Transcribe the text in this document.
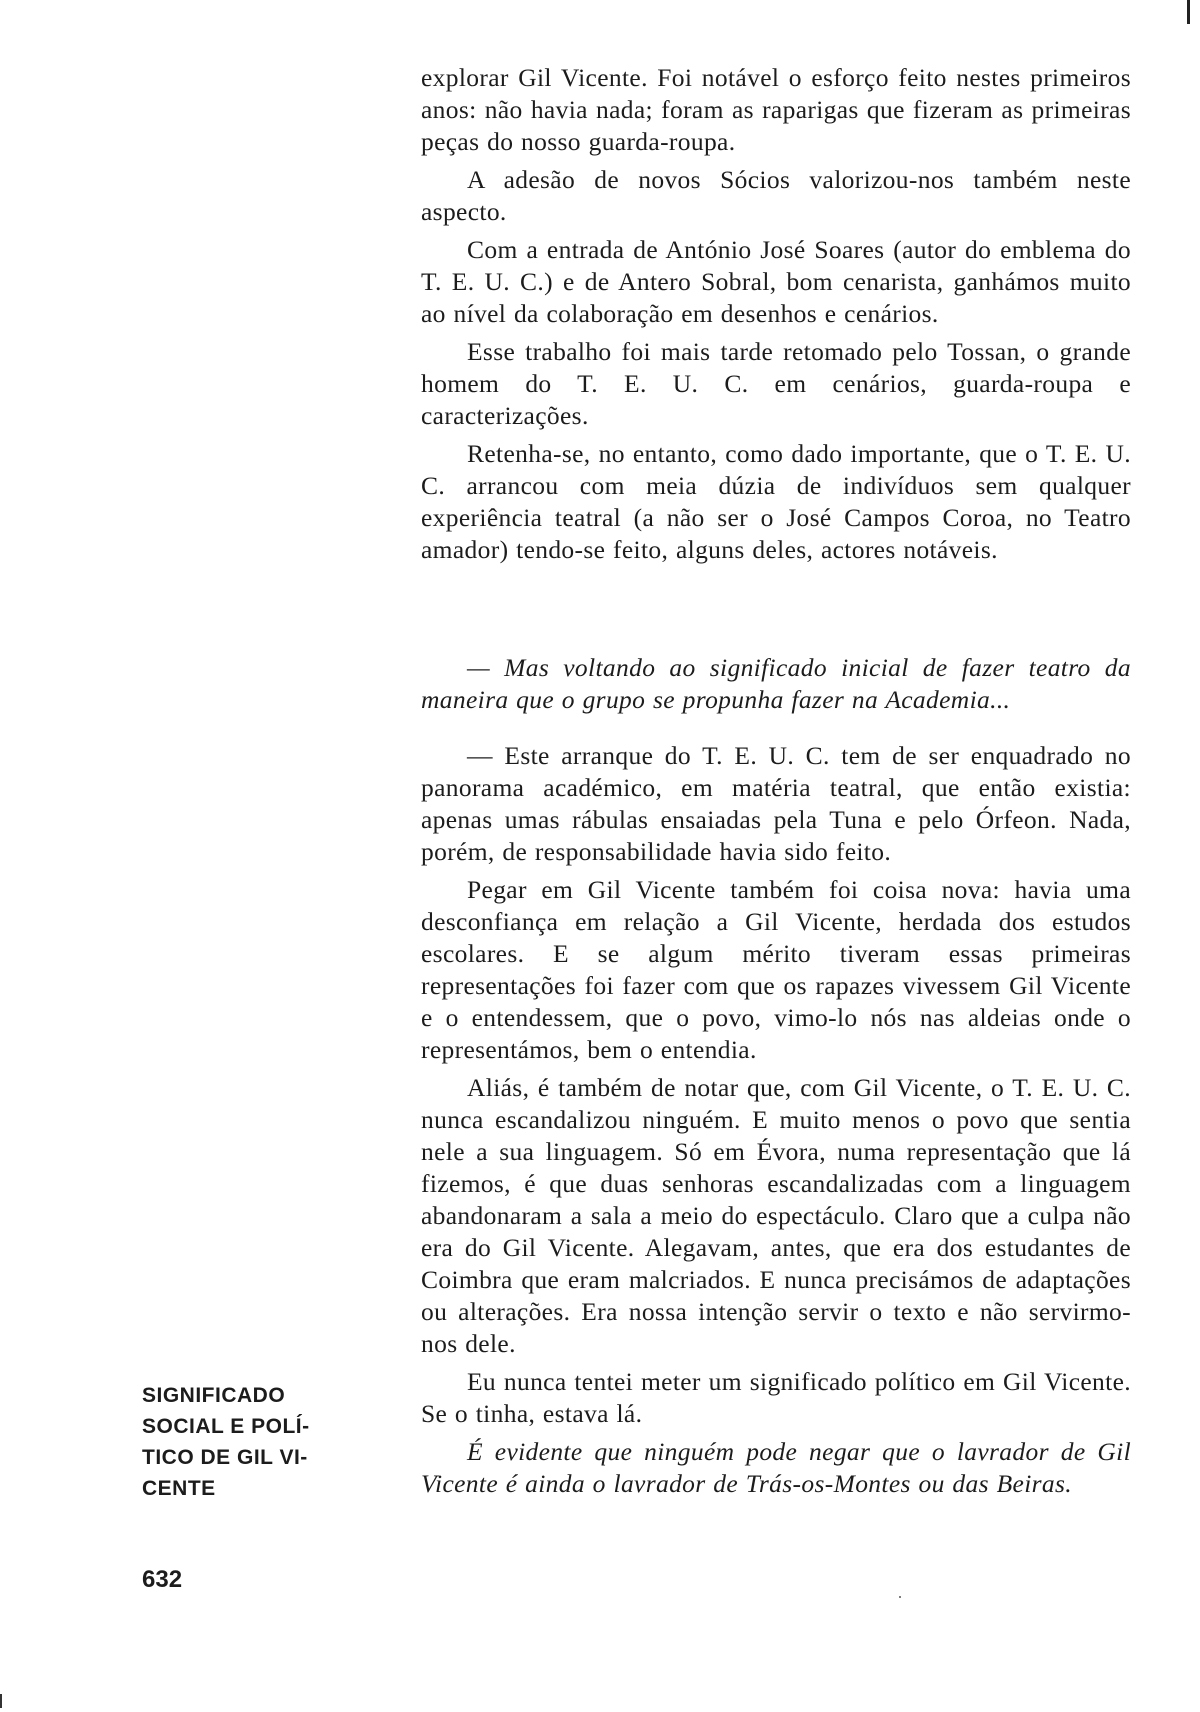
explorar Gil Vicente. Foi notável o esforço feito nestes primeiros anos: não havia nada; foram as raparigas que fizeram as primeiras peças do nosso guarda-roupa.

A adesão de novos Sócios valorizou-nos também neste aspecto.

Com a entrada de António José Soares (autor do emblema do T. E. U. C.) e de Antero Sobral, bom cenarista, ganhámos muito ao nível da colaboração em desenhos e cenários.

Esse trabalho foi mais tarde retomado pelo Tossan, o grande homem do T. E. U. C. em cenários, guarda-roupa e caracterizações.

Retenha-se, no entanto, como dado importante, que o T. E. U. C. arrancou com meia dúzia de indivíduos sem qualquer experiência teatral (a não ser o José Campos Coroa, no Teatro amador) tendo-se feito, alguns deles, actores notáveis.

— Mas voltando ao significado inicial de fazer teatro da maneira que o grupo se propunha fazer na Academia...

— Este arranque do T. E. U. C. tem de ser enquadrado no panorama académico, em matéria teatral, que então existia: apenas umas rábulas ensaiadas pela Tuna e pelo Órfeon. Nada, porém, de responsabilidade havia sido feito.

Pegar em Gil Vicente também foi coisa nova: havia uma desconfiança em relação a Gil Vicente, herdada dos estudos escolares. E se algum mérito tiveram essas primeiras representações foi fazer com que os rapazes vivessem Gil Vicente e o entendessem, que o povo, vimo-lo nós nas aldeias onde o representámos, bem o entendia.

Aliás, é também de notar que, com Gil Vicente, o T. E. U. C. nunca escandalizou ninguém. E muito menos o povo que sentia nele a sua linguagem. Só em Évora, numa representação que lá fizemos, é que duas senhoras escandalizadas com a linguagem abandonaram a sala a meio do espectáculo. Claro que a culpa não era do Gil Vicente. Alegavam, antes, que era dos estudantes de Coimbra que eram malcriados. E nunca precisámos de adaptações ou alterações. Era nossa intenção servir o texto e não servirmo-nos dele.

Eu nunca tentei meter um significado político em Gil Vicente. Se o tinha, estava lá.

É evidente que ninguém pode negar que o lavrador de Gil Vicente é ainda o lavrador de Trás-os-Montes ou das Beiras.

SIGNIFICADO
SOCIAL E POLÍ-
TICO DE GIL VI-
CENTE
632
